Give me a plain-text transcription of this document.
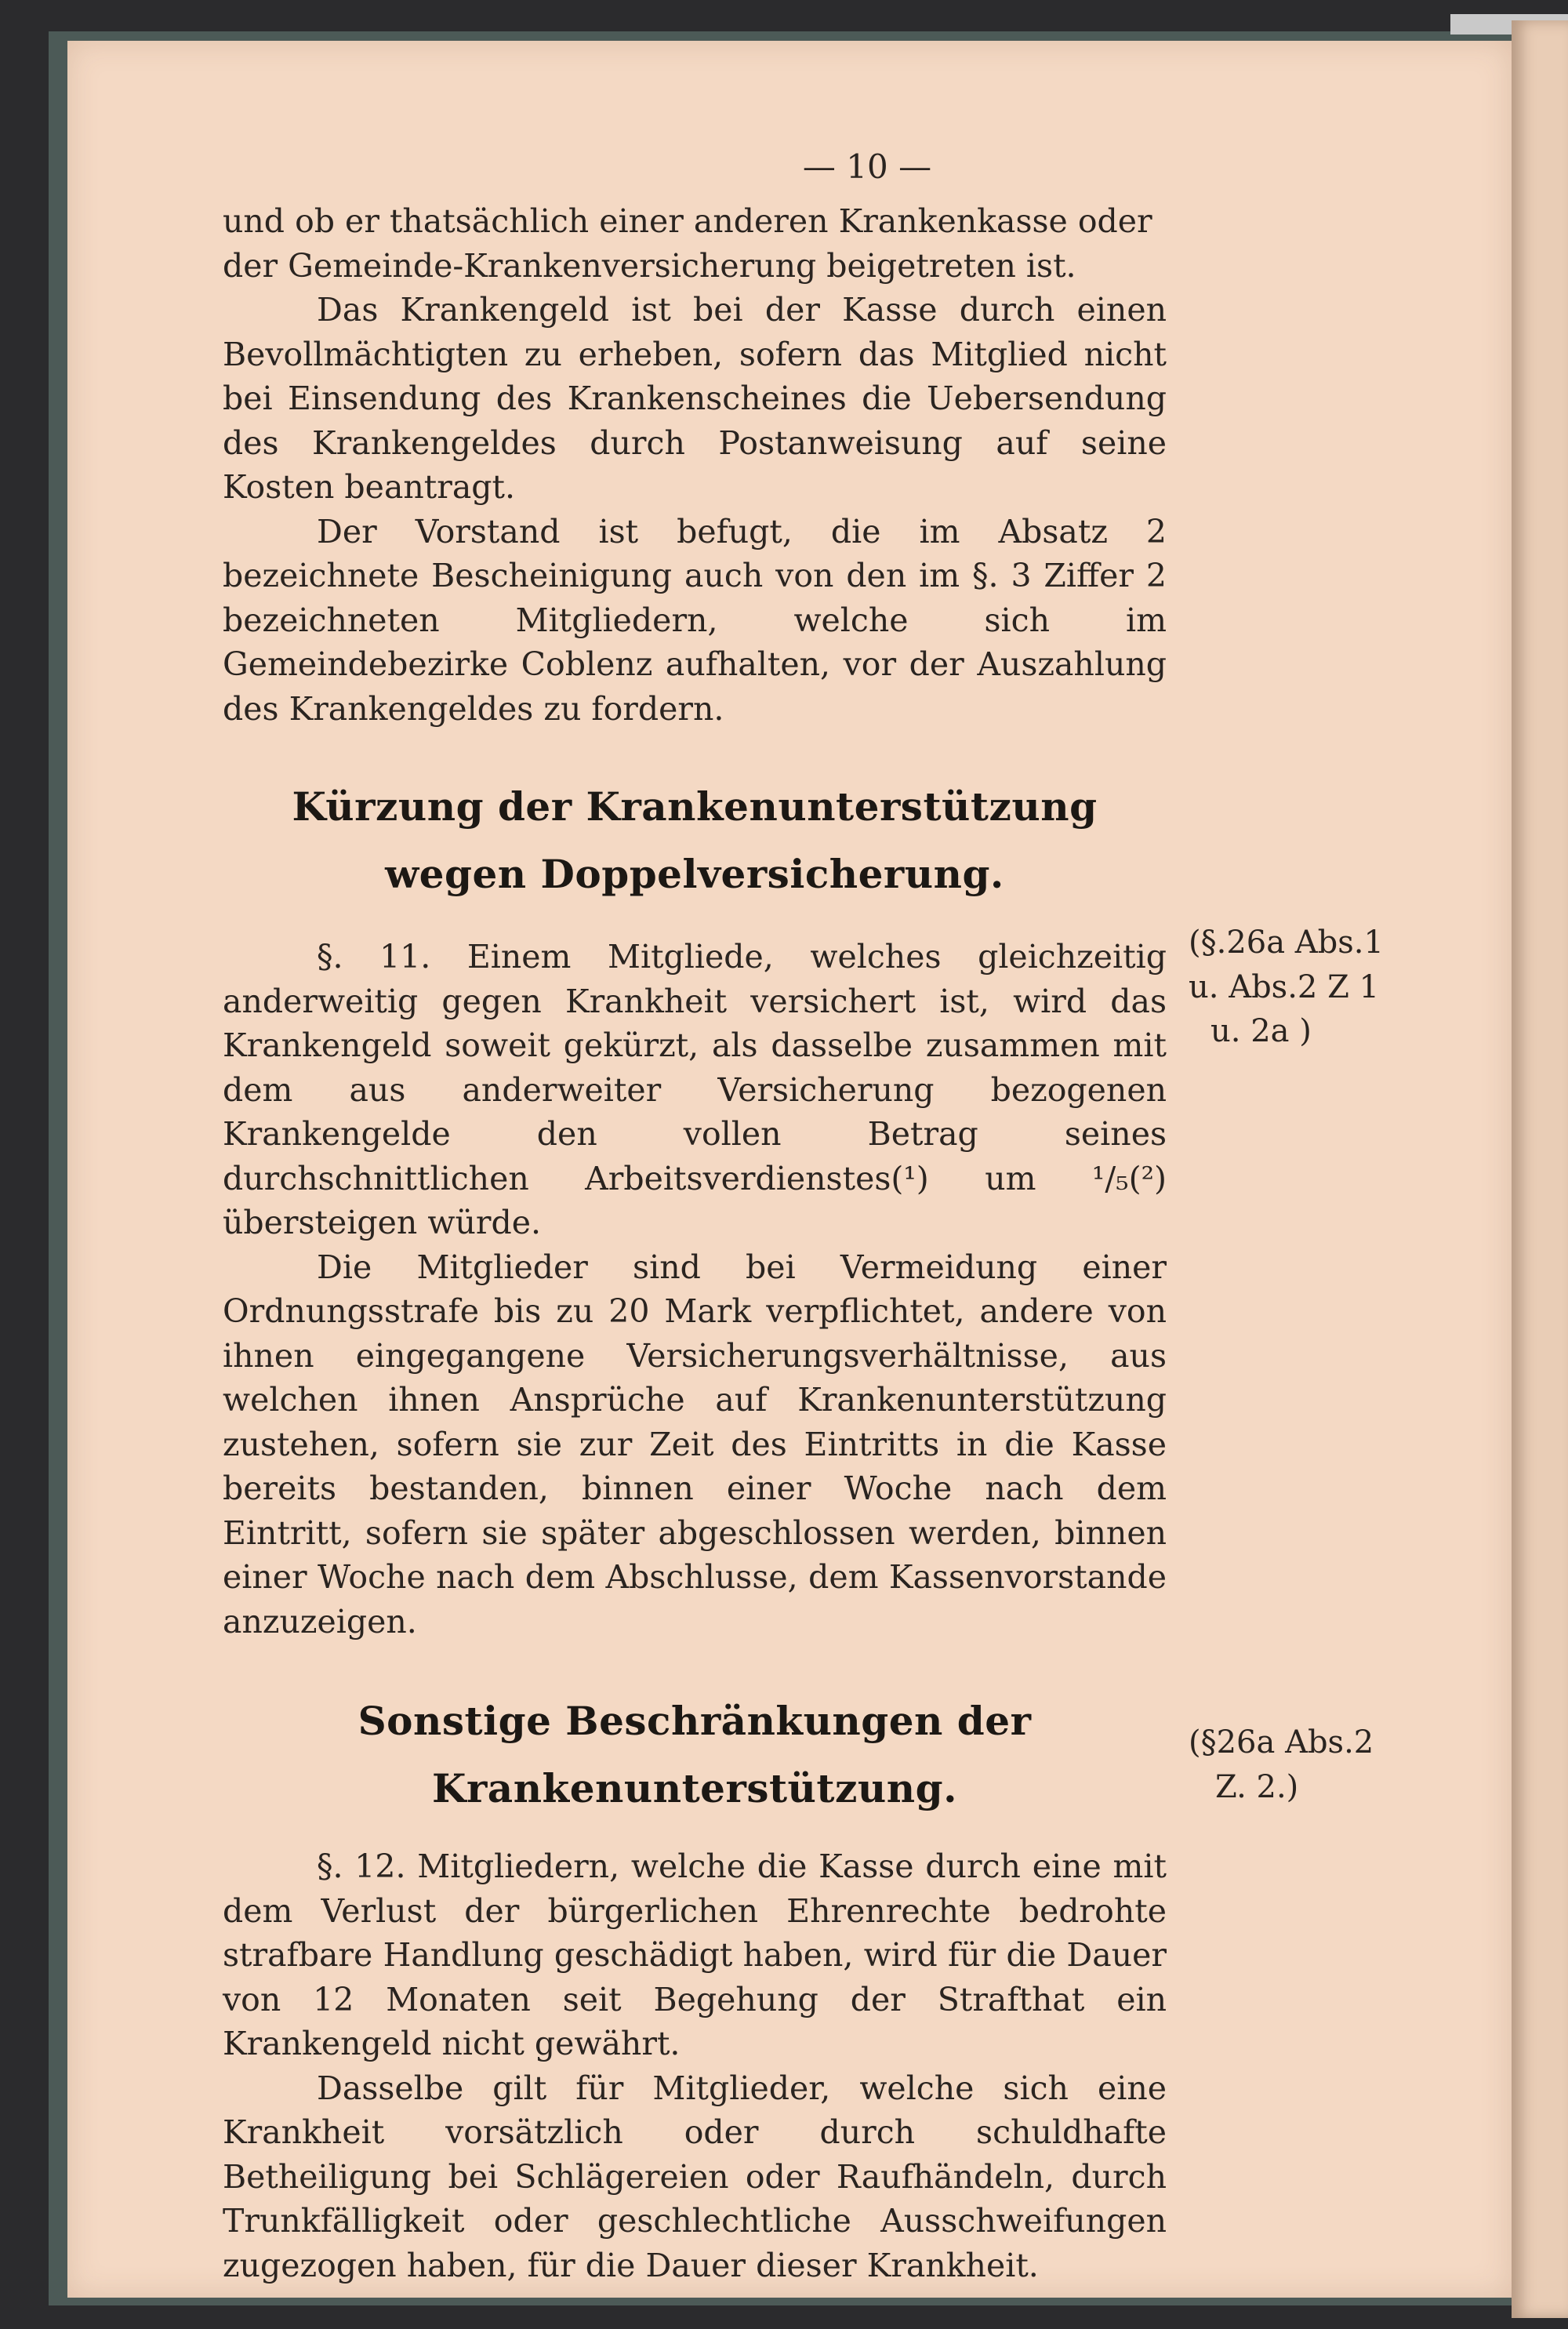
— 10 —

und ob er thatsächlich einer anderen Krankenkasse oder

der Gemeinde-Krankenversicherung beigetreten ist.

Das Krankengeld ist bei der Kasse durch einen Bevollmächtigten zu erheben, sofern das Mitglied nicht bei Einsendung des Krankenscheines die Uebersendung des Krankengeldes durch Postanweisung auf seine Kosten beantragt.

Der Vorstand ist befugt, die im Absatz 2 bezeichnete Bescheinigung auch von den im §. 3 Ziffer 2 bezeichneten Mitgliedern, welche sich im Gemeindebezirke Coblenz aufhalten, vor der Auszahlung des Krankengeldes zu fordern.

Kürzung der Krankenunterstützung wegen Doppelversicherung.

§. 11. Einem Mitgliede, welches gleichzeitig anderweitig gegen Krankheit versichert ist, wird das Krankengeld soweit gekürzt, als dasselbe zusammen mit dem aus anderweiter Versicherung bezogenen Krankengelde den vollen Betrag seines durchschnittlichen Arbeitsverdienstes(¹) um ¹/₅(²) übersteigen würde.

Die Mitglieder sind bei Vermeidung einer Ordnungsstrafe bis zu 20 Mark verpflichtet, andere von ihnen eingegangene Versicherungsverhältnisse, aus welchen ihnen Ansprüche auf Krankenunterstützung zustehen, sofern sie zur Zeit des Eintritts in die Kasse bereits bestanden, binnen einer Woche nach dem Eintritt, sofern sie später abgeschlossen werden, binnen einer Woche nach dem Abschlusse, dem Kassenvorstande anzuzeigen.

Sonstige Beschränkungen der Krankenunterstützung.

§. 12. Mitgliedern, welche die Kasse durch eine mit dem Verlust der bürgerlichen Ehrenrechte bedrohte strafbare Handlung geschädigt haben, wird für die Dauer von 12 Monaten seit Begehung der Strafthat ein Krankengeld nicht gewährt.

Dasselbe gilt für Mitglieder, welche sich eine Krankheit vorsätzlich oder durch schuldhafte Betheiligung bei Schlägereien oder Raufhändeln, durch Trunkfälligkeit oder geschlechtliche Ausschweifungen zugezogen haben, für die Dauer dieser Krankheit.

(§.26a Abs.1
u. Abs.2 Z 1
u. 2a )
(§26a Abs.2
Z. 2.)
